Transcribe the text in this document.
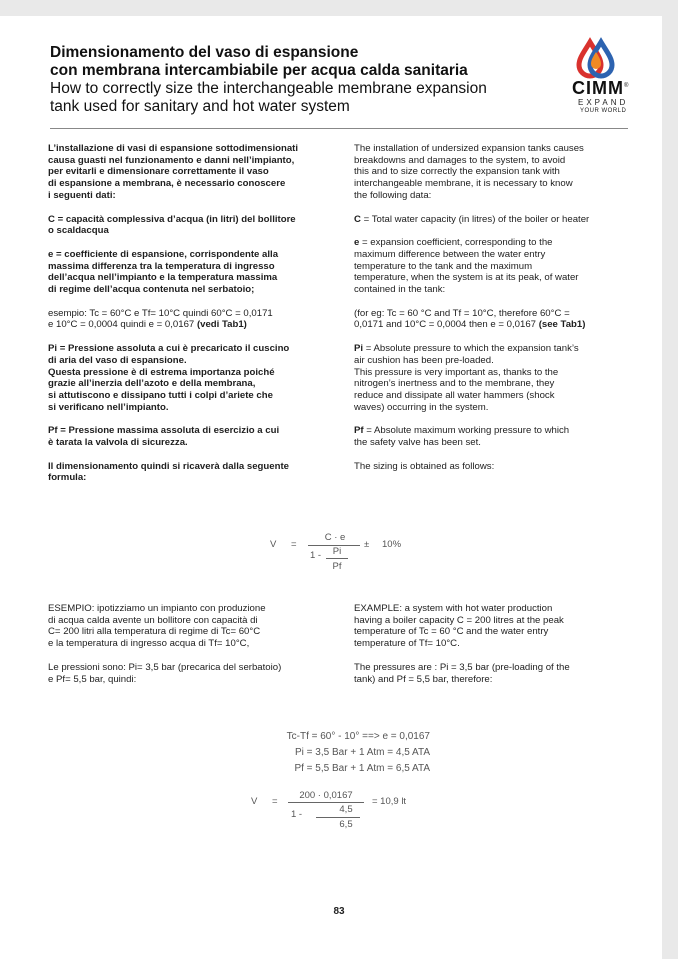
Dimensionamento del vaso di espansione
con membrana intercambiabile per acqua calda sanitaria
How to correctly size the interchangeable membrane expansion
tank used for sanitary and hot water system
CIMM®
EXPAND
YOUR WORLD

L’installazione di vasi di espansione sottodimensionati

causa guasti nel funzionamento e danni nell’impianto,

per evitarli e dimensionare correttamente il vaso

di espansione a membrana, è necessario conoscere

i seguenti dati:

C = capacità complessiva d’acqua (in litri) del bollitore

o scaldacqua

e = coefficiente di espansione, corrispondente alla

massima differenza tra la temperatura di ingresso

dell’acqua nell’impianto e la temperatura massima

di regime dell’acqua contenuta nel serbatoio;

esempio: Tc = 60°C e Tf= 10°C quindi 60°C = 0,0171

e 10°C = 0,0004 quindi e = 0,0167 (vedi Tab1)

Pi = Pressione assoluta a cui è precaricato il cuscino

di aria del vaso di espansione.

Questa pressione è di estrema importanza poiché

grazie all’inerzia dell’azoto e della membrana,

si attutiscono e dissipano tutti i colpi d’ariete che

si verificano nell’impianto.

Pf = Pressione massima assoluta di esercizio a cui

è tarata la valvola di sicurezza.

Il dimensionamento quindi si ricaverà dalla seguente

formula:

The installation of undersized expansion tanks causes

breakdowns and damages to the system, to avoid

this and to size correctly the expansion tank with

interchangeable membrane, it is necessary to know

the following data:

C = Total water capacity (in litres) of the boiler or heater

e = expansion coefficient, corresponding to the

maximum difference between the water entry

temperature to the tank and the maximum

temperature, when the system is at its peak, of water

contained in the tank:

(for eg: Tc = 60 °C and Tf = 10°C, therefore 60°C =

0,0171 and 10°C = 0,0004 then e = 0,0167 (see Tab1)

Pi = Absolute pressure to which the expansion tank’s

air cushion has been pre-loaded.

This pressure is very important as, thanks to the

nitrogen’s inertness and to the membrane, they

reduce and dissipate all water hammers (shock

waves) occurring in the system.

Pf = Absolute maximum working pressure to which

the safety valve has been set.

The sizing is obtained as follows:

V =
C · e
1 -	Pi
Pf
± 10%

ESEMPIO: ipotizziamo un impianto con produzione

di acqua calda avente un bollitore con capacità di

C= 200 litri alla temperatura di regime di Tc= 60°C

e la temperatura di ingresso acqua di Tf= 10°C,

Le pressioni sono: Pi= 3,5 bar (precarica del serbatoio)

e Pf= 5,5 bar, quindi:

EXAMPLE: a system with hot water production

having a boiler capacity C = 200 litres at the peak

temperature of Tc = 60 °C and the water entry

temperature of Tf= 10°C.

The pressures are : Pi = 3,5 bar (pre-loading of the

tank) and Pf = 5,5 bar, therefore:

Tc-Tf = 60° - 10° ==> e = 0,0167
Pi = 3,5 Bar + 1 Atm = 4,5 ATA
Pf = 5,5 Bar + 1 Atm = 6,5 ATA
V =
200 · 0,0167
1 -	4,5
6,5
= 10,9 lt
83
